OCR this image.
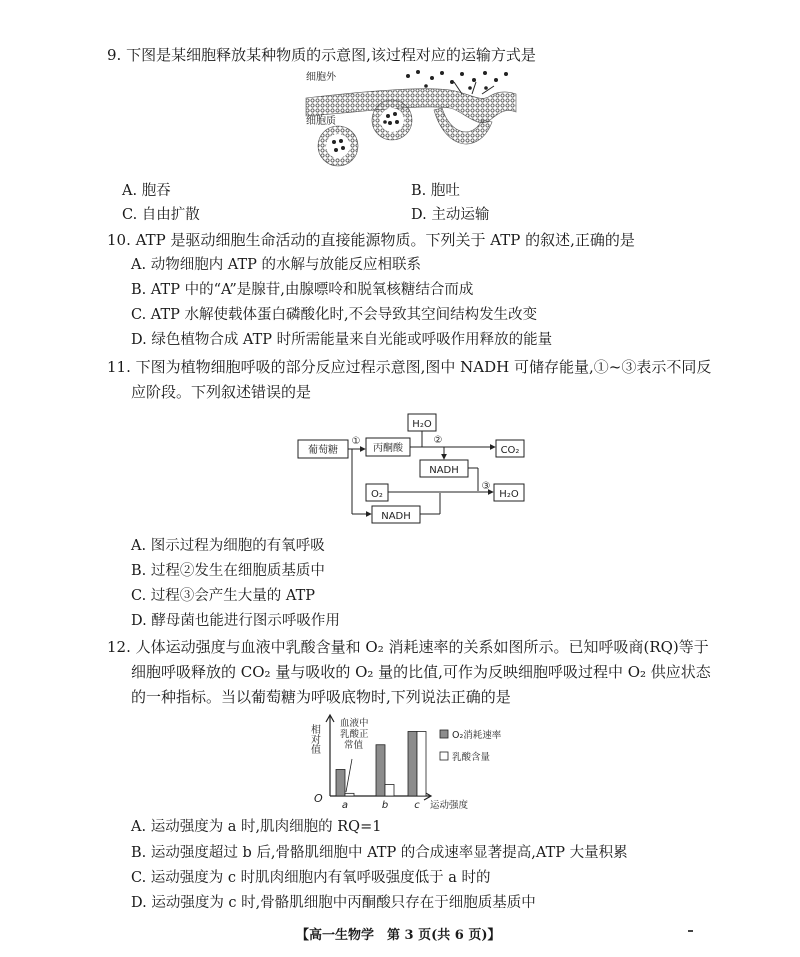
9. 下图是某细胞释放某种物质的示意图,该过程对应的运输方式是
细胞外
细胞质
A. 胞吞	B. 胞吐
C. 自由扩散	D. 主动运输
10. ATP 是驱动细胞生命活动的直接能源物质。下列关于 ATP 的叙述,正确的是
A. 动物细胞内 ATP 的水解与放能反应相联系
B. ATP 中的“A”是腺苷,由腺嘌呤和脱氧核糖结合而成
C. ATP 水解使载体蛋白磷酸化时,不会导致其空间结构发生改变
D. 绿色植物合成 ATP 时所需能量来自光能或呼吸作用释放的能量
11. 下图为植物细胞呼吸的部分反应过程示意图,图中 NADH 可储存能量,①~③表示不同反
应阶段。下列叙述错误的是
葡萄糖	丙酮酸
H₂O
CO₂
NADH
O₂	H₂O
NADH
①	②
③
A. 图示过程为细胞的有氧呼吸
B. 过程②发生在细胞质基质中
C. 过程③会产生大量的 ATP
D. 酵母菌也能进行图示呼吸作用
12. 人体运动强度与血液中乳酸含量和 O₂ 消耗速率的关系如图所示。已知呼吸商(RQ)等于
细胞呼吸释放的 CO₂ 量与吸收的 O₂ 量的比值,可作为反映细胞呼吸过程中 O₂ 供应状态
的一种指标。当以葡萄糖为呼吸底物时,下列说法正确的是
相对值
O
运动强度
血液中乳酸正常值
a	b	c
O₂消耗速率
乳酸含量
A. 运动强度为 a 时,肌肉细胞的 RQ=1
B. 运动强度超过 b 后,骨骼肌细胞中 ATP 的合成速率显著提高,ATP 大量积累
C. 运动强度为 c 时肌肉细胞内有氧呼吸强度低于 a 时的
D. 运动强度为 c 时,骨骼肌细胞中丙酮酸只存在于细胞质基质中
【高一生物学　第 3 页(共 6 页)】
